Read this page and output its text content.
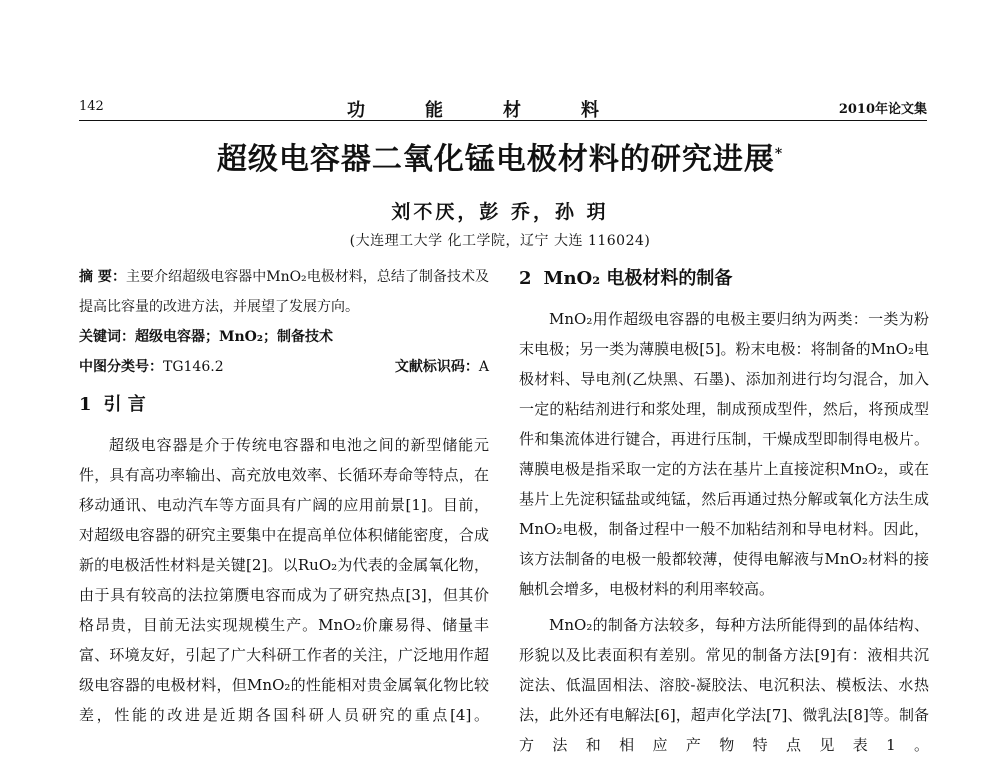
142	功能材料	2010年论文集
超级电容器二氧化锰电极材料的研究进展*
刘不厌，彭 乔，孙 玥
(大连理工大学 化工学院，辽宁 大连 116024)

摘 要：主要介绍超级电容器中MnO₂电极材料，总结了制备技术及提高比容量的改进方法，并展望了发展方向。

关键词：超级电容器；MnO₂；制备技术

中图分类号：TG146.2	文献标识码：A
1 引 言

超级电容器是介于传统电容器和电池之间的新型储能元件，具有高功率输出、高充放电效率、长循环寿命等特点，在移动通讯、电动汽车等方面具有广阔的应用前景[1]。目前，对超级电容器的研究主要集中在提高单位体积储能密度，合成新的电极活性材料是关键[2]。以RuO₂为代表的金属氧化物，由于具有较高的法拉第赝电容而成为了研究热点[3]，但其价格昂贵，目前无法实现规模生产。MnO₂价廉易得、储量丰富、环境友好，引起了广大科研工作者的关注，广泛地用作超级电容器的电极材料，但MnO₂的性能相对贵金属氧化物比较差，性能的改进是近期各国科研人员研究的重点[4]。

2 MnO₂ 电极材料的制备

MnO₂用作超级电容器的电极主要归纳为两类：一类为粉末电极；另一类为薄膜电极[5]。粉末电极：将制备的MnO₂电极材料、导电剂(乙炔黑、石墨)、添加剂进行均匀混合，加入一定的粘结剂进行和浆处理，制成预成型件，然后，将预成型件和集流体进行键合，再进行压制，干燥成型即制得电极片。薄膜电极是指采取一定的方法在基片上直接淀积MnO₂，或在基片上先淀积锰盐或纯锰，然后再通过热分解或氧化方法生成MnO₂电极，制备过程中一般不加粘结剂和导电材料。因此，该方法制备的电极一般都较薄，使得电解液与MnO₂材料的接触机会增多，电极材料的利用率较高。

MnO₂的制备方法较多，每种方法所能得到的晶体结构、形貌以及比表面积有差别。常见的制备方法[9]有：液相共沉淀法、低温固相法、溶胶-凝胶法、电沉积法、模板法、水热法，此外还有电解法[6]，超声化学法[7]、微乳法[8]等。制备方法和相应产物特点见表1。
